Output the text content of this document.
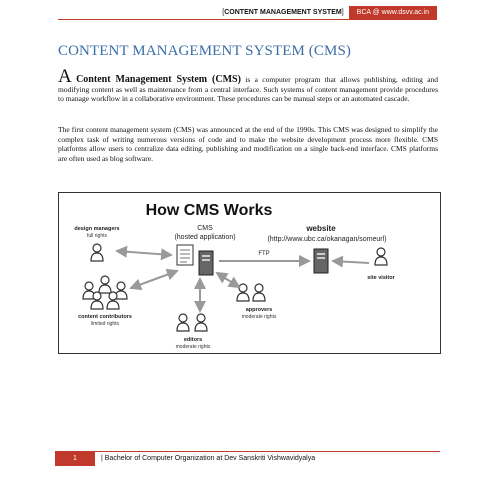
[CONTENT MANAGEMENT SYSTEM]	BCA @ www.dsvv.ac.in
CONTENT MANAGEMENT SYSTEM (CMS)
A Content Management System (CMS) is a computer program that allows publishing, editing and modifying content as well as maintenance from a central interface. Such systems of content management provide procedures to manage workflow in a collaborative environment. These procedures can be manual steps or an automated cascade.
The first content management system (CMS) was announced at the end of the 1990s. This CMS was designed to simplify the complex task of writing numerous versions of code and to make the website development process more flexible. CMS platforms allow users to centralize data editing, publishing and modification on a single back-end interface. CMS platforms are often used as blog software.
How CMS Works
CMS
(hosted application)
website
(http://www.ubc.ca/okanagan/someurl)
FTP
design managers
full rights
content contributors
limited rights
editors
moderate rights
approvers
moderate rights
site visitor
1	| Bachelor of Computer Organization at Dev Sanskriti Vishwavidyalya
